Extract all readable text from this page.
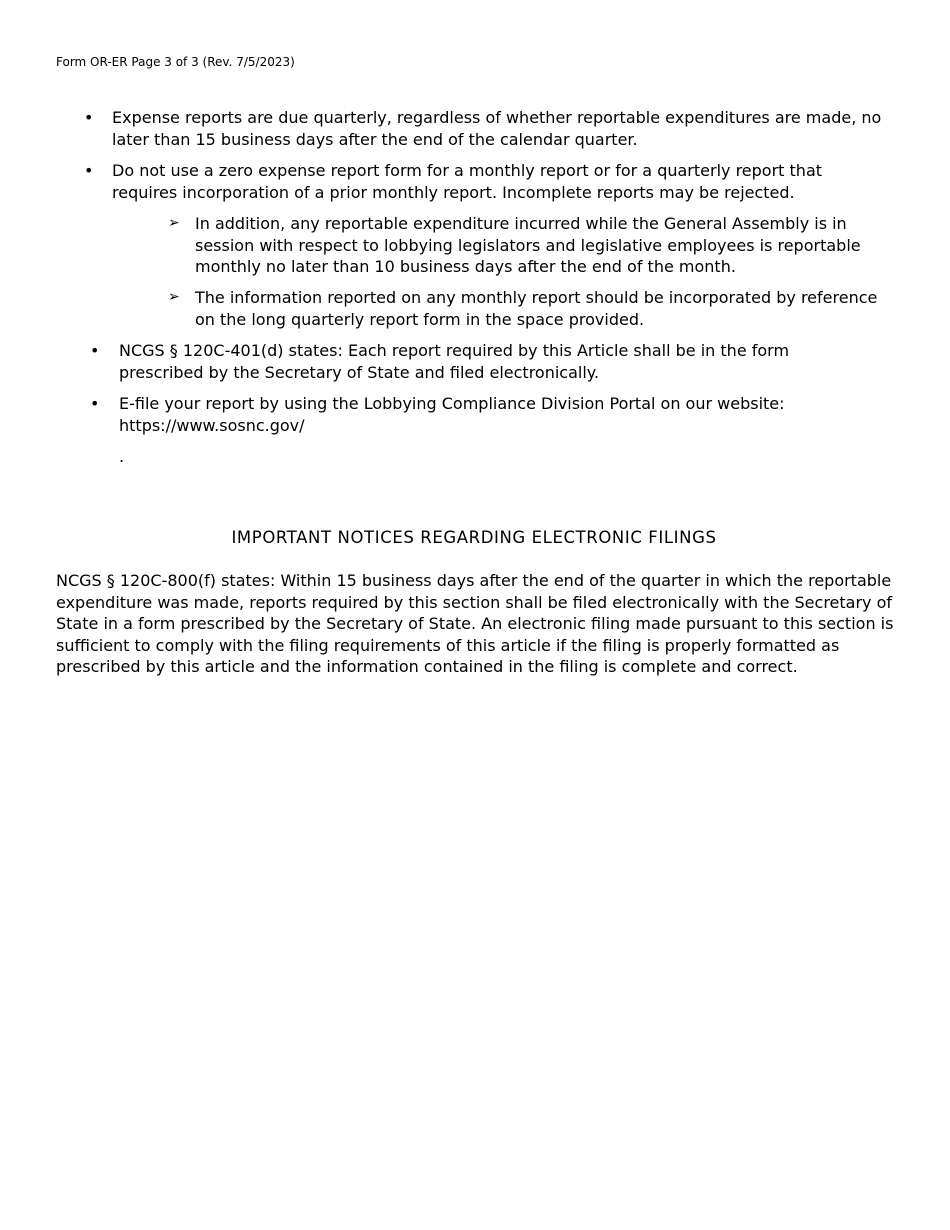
Form OR-ER Page 3 of 3 (Rev. 7/5/2023)
• Expense reports are due quarterly, regardless of whether reportable expenditures are made, no later than 15 business days after the end of the calendar quarter.
• Do not use a zero expense report form for a monthly report or for a quarterly report that requires incorporation of a prior monthly report. Incomplete reports may be rejected.
➢ In addition, any reportable expenditure incurred while the General Assembly is in session with respect to lobbying legislators and legislative employees is reportable monthly no later than 10 business days after the end of the month.
➢ The information reported on any monthly report should be incorporated by reference on the long quarterly report form in the space provided.
• NCGS § 120C-401(d) states: Each report required by this Article shall be in the form prescribed by the Secretary of State and filed electronically.
• E-file your report by using the Lobbying Compliance Division Portal on our website: https://www.sosnc.gov/
.
IMPORTANT NOTICES REGARDING ELECTRONIC FILINGS
NCGS § 120C-800(f) states: Within 15 business days after the end of the quarter in which the reportable expenditure was made, reports required by this section shall be filed electronically with the Secretary of State in a form prescribed by the Secretary of State. An electronic filing made pursuant to this section is sufficient to comply with the filing requirements of this article if the filing is properly formatted as prescribed by this article and the information contained in the filing is complete and correct.
